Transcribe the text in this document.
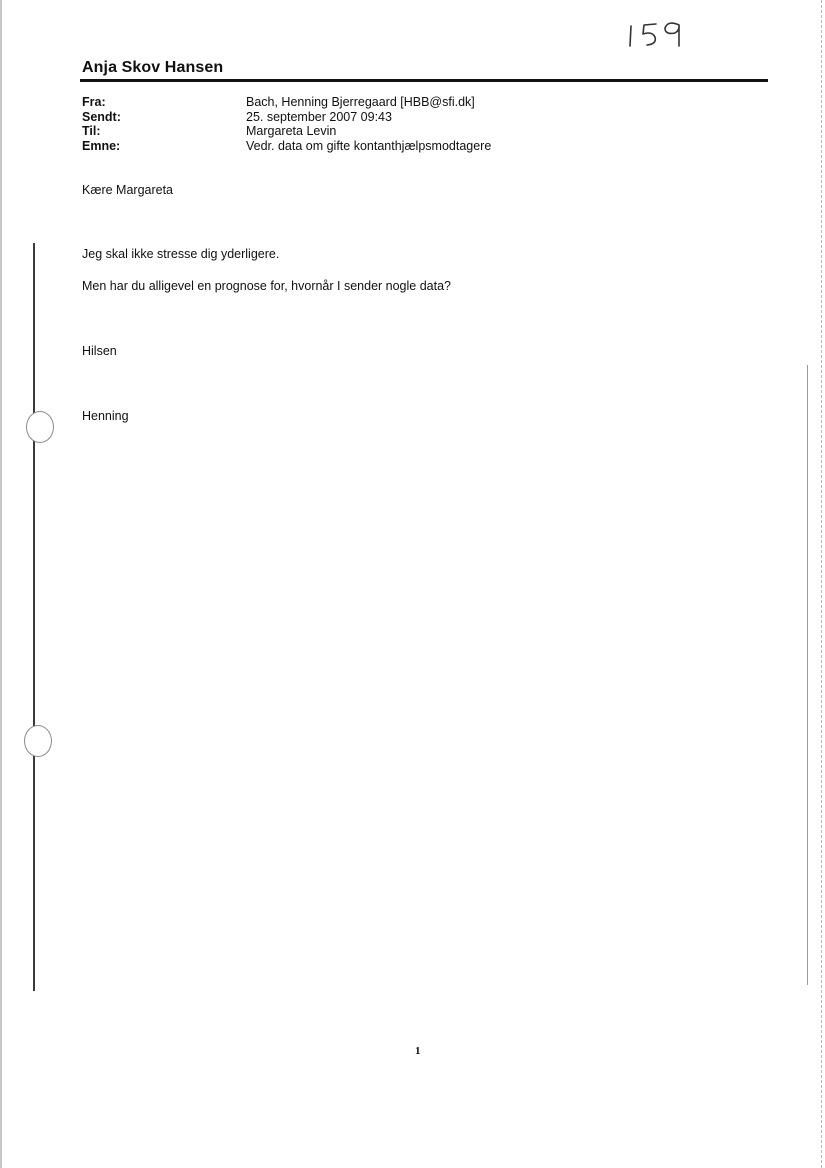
Anja Skov Hansen
Fra:	Bach, Henning Bjerregaard [HBB@sfi.dk]
Sendt:	25. september 2007 09:43
Til:	Margareta Levin
Emne:	Vedr. data om gifte kontanthjælpsmodtagere
Kære Margareta
Jeg skal ikke stresse dig yderligere.
Men har du alligevel en prognose for, hvornår I sender nogle data?
Hilsen
Henning
1
